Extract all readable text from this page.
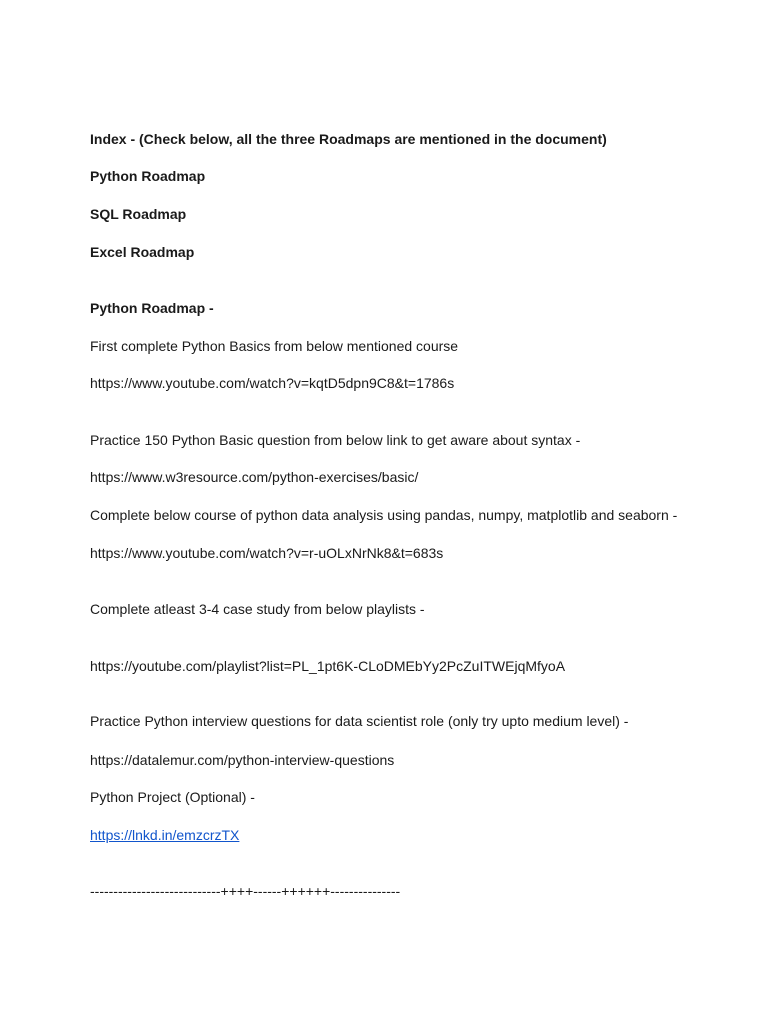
Index - (Check below, all the three Roadmaps are mentioned in the document)
Python Roadmap
SQL Roadmap
Excel Roadmap
Python Roadmap -
First complete Python Basics from below mentioned course
https://www.youtube.com/watch?v=kqtD5dpn9C8&t=1786s
Practice 150 Python Basic question from below link to get aware about syntax -
https://www.w3resource.com/python-exercises/basic/
Complete below course of python data analysis using pandas, numpy, matplotlib and seaborn -
https://www.youtube.com/watch?v=r-uOLxNrNk8&t=683s
Complete atleast 3-4 case study from below playlists -
https://youtube.com/playlist?list=PL_1pt6K-CLoDMEbYy2PcZuITWEjqMfyoA
Practice Python interview questions for data scientist role (only try upto medium level) -
https://datalemur.com/python-interview-questions
Python Project (Optional) -
https://lnkd.in/emzcrzTX
----------------------------++++------++++++---------------
